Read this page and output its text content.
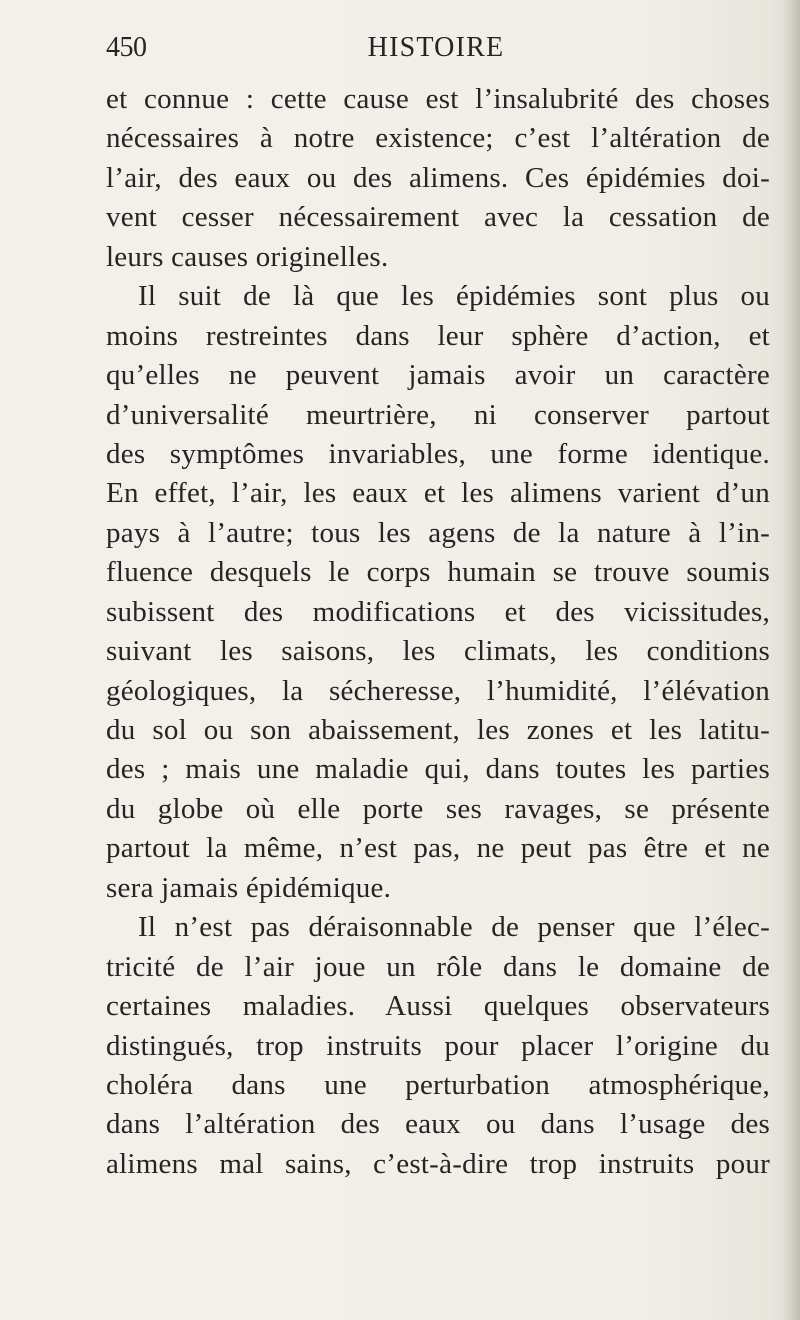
450	HISTOIRE
et connue : cette cause est l’insalubrité des choses
nécessaires à notre existence; c’est l’altération de
l’air, des eaux ou des alimens. Ces épidémies doi-
vent cesser nécessairement avec la cessation de
leurs causes originelles.
Il suit de là que les épidémies sont plus ou
moins restreintes dans leur sphère d’action, et
qu’elles ne peuvent jamais avoir un caractère
d’universalité meurtrière, ni conserver partout
des symptômes invariables, une forme identique.
En effet, l’air, les eaux et les alimens varient d’un
pays à l’autre; tous les agens de la nature à l’in-
fluence desquels le corps humain se trouve soumis
subissent des modifications et des vicissitudes,
suivant les saisons, les climats, les conditions
géologiques, la sécheresse, l’humidité, l’élévation
du sol ou son abaissement, les zones et les latitu-
des ; mais une maladie qui, dans toutes les parties
du globe où elle porte ses ravages, se présente
partout la même, n’est pas, ne peut pas être et ne
sera jamais épidémique.
Il n’est pas déraisonnable de penser que l’élec-
tricité de l’air joue un rôle dans le domaine de
certaines maladies. Aussi quelques observateurs
distingués, trop instruits pour placer l’origine du
choléra dans une perturbation atmosphérique,
dans l’altération des eaux ou dans l’usage des
alimens mal sains, c’est-à-dire trop instruits pour
